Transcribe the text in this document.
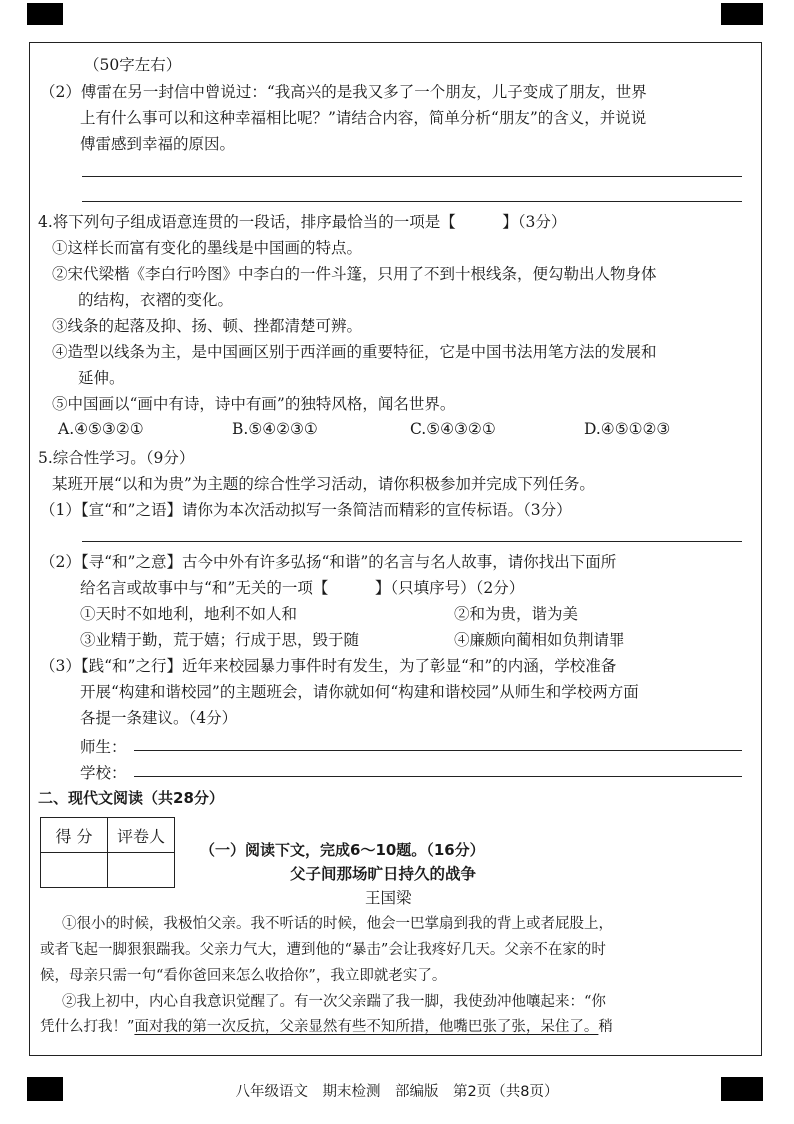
（50字左右）
（2）傅雷在另一封信中曾说过：“我高兴的是我又多了一个朋友，儿子变成了朋友，世界
上有什么事可以和这种幸福相比呢？”请结合内容，简单分析“朋友”的含义，并说说
傅雷感到幸福的原因。
4.将下列句子组成语意连贯的一段话，排序最恰当的一项是【　　　】（3分）
①这样长而富有变化的墨线是中国画的特点。
②宋代梁楷《李白行吟图》中李白的一件斗篷，只用了不到十根线条，便勾勒出人物身体
的结构，衣褶的变化。
③线条的起落及抑、扬、顿、挫都清楚可辨。
④造型以线条为主，是中国画区别于西洋画的重要特征，它是中国书法用笔方法的发展和
延伸。
⑤中国画以“画中有诗，诗中有画”的独特风格，闻名世界。
A.④⑤③②①	B.⑤④②③①	C.⑤④③②①	D.④⑤①②③
5.综合性学习。（9分）
某班开展“以和为贵”为主题的综合性学习活动，请你积极参加并完成下列任务。
（1）【宣“和”之语】请你为本次活动拟写一条简洁而精彩的宣传标语。（3分）
（2）【寻“和”之意】古今中外有许多弘扬“和谐”的名言与名人故事，请你找出下面所
给名言或故事中与“和”无关的一项【　　　】（只填序号）（2分）
①天时不如地利，地利不如人和	②和为贵，谐为美
③业精于勤，荒于嬉；行成于思，毁于随	④廉颇向蔺相如负荆请罪
（3）【践“和”之行】近年来校园暴力事件时有发生，为了彰显“和”的内涵，学校准备
开展“构建和谐校园”的主题班会，请你就如何“构建和谐校园”从师生和学校两方面
各提一条建议。（4分）
师生：
学校：
二、现代文阅读（共28分）
得 分	评卷人

（一）阅读下文，完成6～10题。（16分）
父子间那场旷日持久的战争
王国梁
①很小的时候，我极怕父亲。我不听话的时候，他会一巴掌扇到我的背上或者屁股上，
或者飞起一脚狠狠踹我。父亲力气大，遭到他的“暴击”会让我疼好几天。父亲不在家的时
候，母亲只需一句“看你爸回来怎么收拾你”，我立即就老实了。
②我上初中，内心自我意识觉醒了。有一次父亲踹了我一脚，我使劲冲他嚷起来：“你
凭什么打我！”面对我的第一次反抗，父亲显然有些不知所措，他嘴巴张了张，呆住了。稍
八年级语文　期末检测　部编版　第2页（共8页）
